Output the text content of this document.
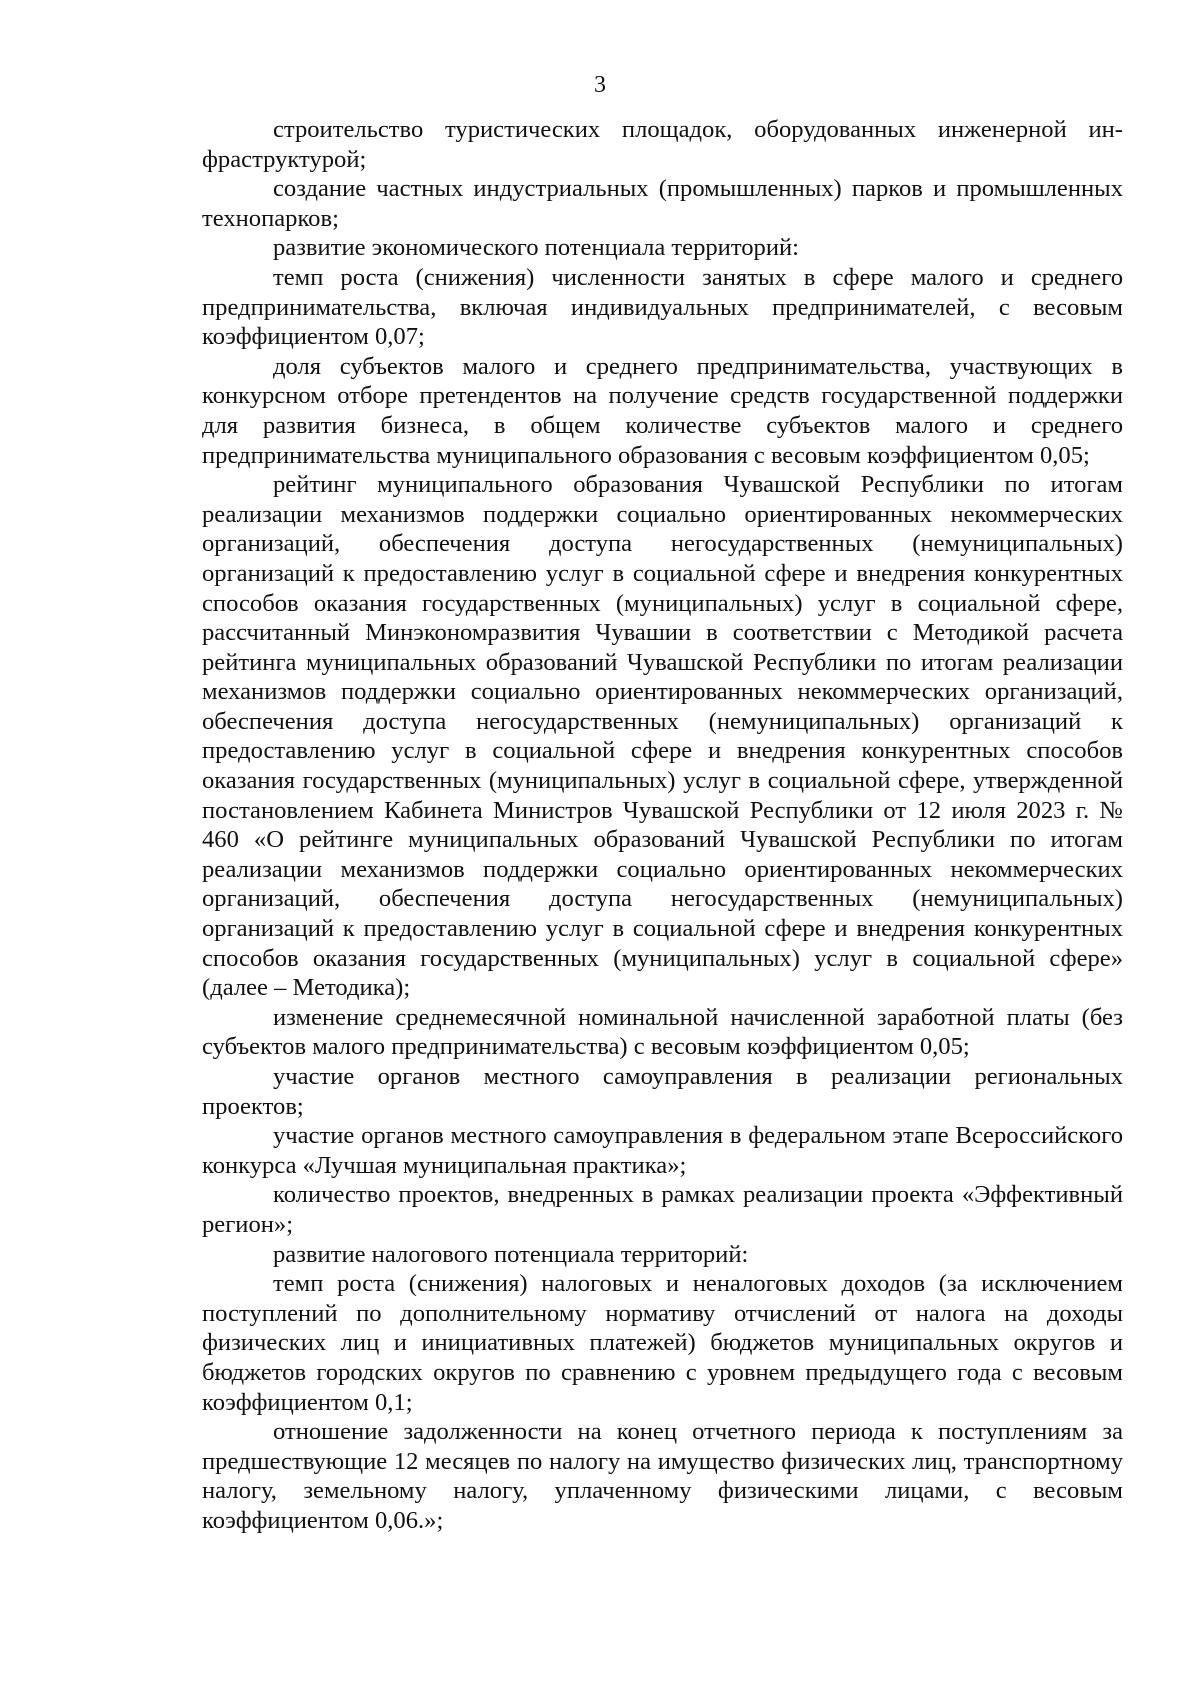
3

строительство туристических площадок, оборудованных инженерной инфраструктурой;

создание частных индустриальных (промышленных) парков и промышленных технопарков;

развитие экономического потенциала территорий:

темп роста (снижения) численности занятых в сфере малого и среднего предпринимательства, включая индивидуальных предпринимателей, с весовым коэффициентом 0,07;

доля субъектов малого и среднего предпринимательства, участвующих в конкурсном отборе претендентов на получение средств государственной поддержки для развития бизнеса, в общем количестве субъектов малого и среднего предпринимательства муниципального образования с весовым коэффициентом 0,05;

рейтинг муниципального образования Чувашской Республики по итогам реализации механизмов поддержки социально ориентированных некоммерческих организаций, обеспечения доступа негосударственных (немуниципальных) организаций к предоставлению услуг в социальной сфере и внедрения конкурентных способов оказания государственных (муниципальных) услуг в социальной сфере, рассчитанный Минэкономразвития Чувашии в соответствии с Методикой расчета рейтинга муниципальных образований Чувашской Республики по итогам реализации механизмов поддержки социально ориентированных некоммерческих организаций, обеспечения доступа негосударственных (немуниципальных) организаций к предоставлению услуг в социальной сфере и внедрения конкурентных способов оказания государственных (муниципальных) услуг в социальной сфере, утвержденной постановлением Кабинета Министров Чувашской Республики от 12 июля 2023 г. № 460 «О рейтинге муниципальных образований Чувашской Республики по итогам реализации механизмов поддержки социально ориентированных некоммерческих организаций, обеспечения доступа негосударственных (немуниципальных) организаций к предоставлению услуг в социальной сфере и внедрения конкурентных способов оказания государственных (муниципальных) услуг в социальной сфере» (далее – Методика);

изменение среднемесячной номинальной начисленной заработной платы (без субъектов малого предпринимательства) с весовым коэффициентом 0,05;

участие органов местного самоуправления в реализации региональных проектов;

участие органов местного самоуправления в федеральном этапе Всероссийского конкурса «Лучшая муниципальная практика»;

количество проектов, внедренных в рамках реализации проекта «Эффективный регион»;

развитие налогового потенциала территорий:

темп роста (снижения) налоговых и неналоговых доходов (за исключением поступлений по дополнительному нормативу отчислений от налога на доходы физических лиц и инициативных платежей) бюджетов муниципальных округов и бюджетов городских округов по сравнению с уровнем предыдущего года с весовым коэффициентом 0,1;

отношение задолженности на конец отчетного периода к поступлениям за предшествующие 12 месяцев по налогу на имущество физических лиц, транспортному налогу, земельному налогу, уплаченному физическими лицами, с весовым коэффициентом 0,06.»;
